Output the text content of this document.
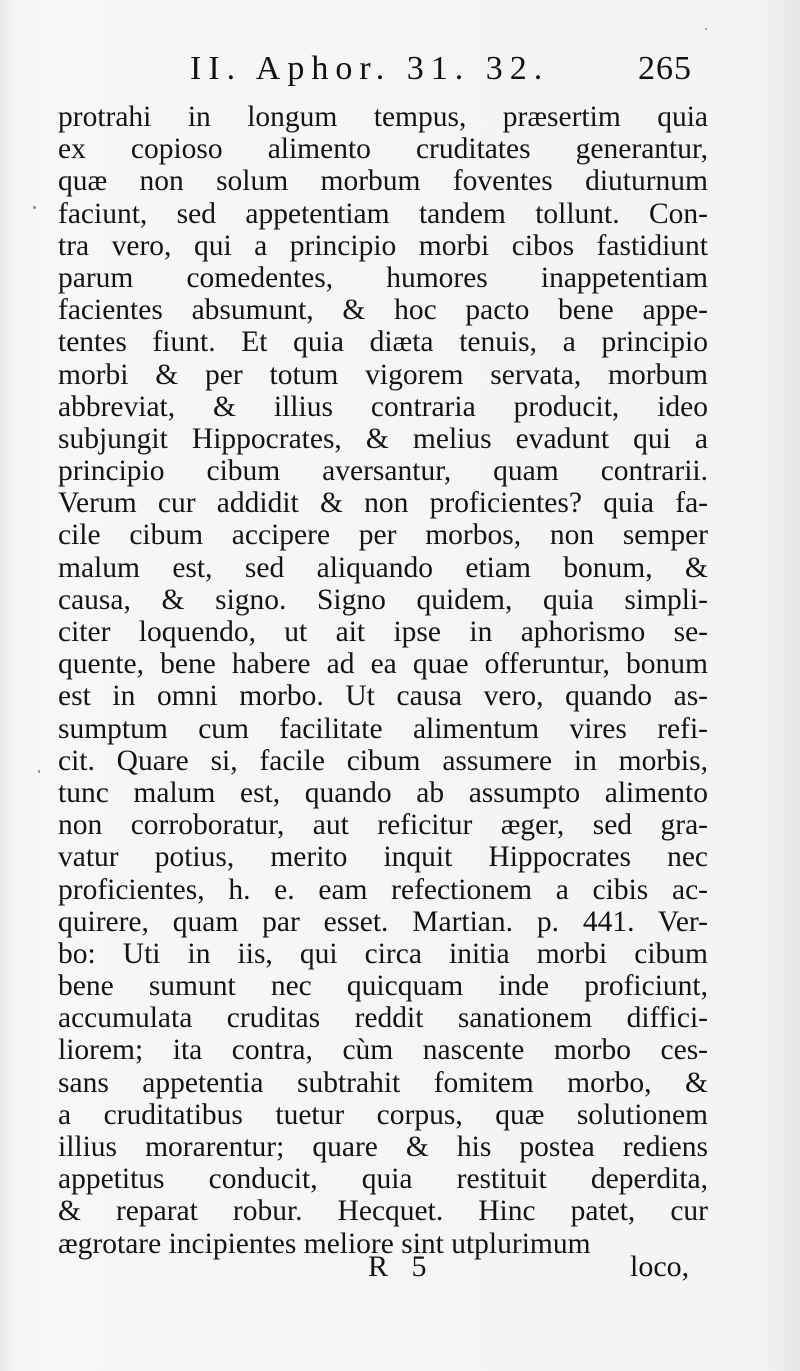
II. Aphor. 31. 32.	265
protrahi in longum tempus, præsertim quia
ex copioso alimento cruditates generantur,
quæ non solum morbum foventes diuturnum
faciunt, sed appetentiam tandem tollunt. Con-
tra vero, qui a principio morbi cibos fastidiunt
parum comedentes, humores inappetentiam
facientes absumunt, & hoc pacto bene appe-
tentes fiunt. Et quia diæta tenuis, a principio
morbi & per totum vigorem servata, morbum
abbreviat, & illius contraria producit, ideo
subjungit Hippocrates, & melius evadunt qui a
principio cibum aversantur, quam contrarii.
Verum cur addidit & non proficientes? quia fa-
cile cibum accipere per morbos, non semper
malum est, sed aliquando etiam bonum, &
causa, & signo. Signo quidem, quia simpli-
citer loquendo, ut ait ipse in aphorismo se-
quente, bene habere ad ea quae offeruntur, bonum
est in omni morbo. Ut causa vero, quando as-
sumptum cum facilitate alimentum vires refi-
cit. Quare si, facile cibum assumere in morbis,
tunc malum est, quando ab assumpto alimento
non corroboratur, aut reficitur æger, sed gra-
vatur potius, merito inquit Hippocrates nec
proficientes, h. e. eam refectionem a cibis ac-
quirere, quam par esset. Martian. p. 441. Ver-
bo: Uti in iis, qui circa initia morbi cibum
bene sumunt nec quicquam inde proficiunt,
accumulata cruditas reddit sanationem diffici-
liorem; ita contra, cùm nascente morbo ces-
sans appetentia subtrahit fomitem morbo, &
a cruditatibus tuetur corpus, quæ solutionem
illius morarentur; quare & his postea rediens
appetitus conducit, quia restituit deperdita,
& reparat robur. Hecquet. Hinc patet, cur
ægrotare incipientes meliore sint utplurimum
R 5	loco,
